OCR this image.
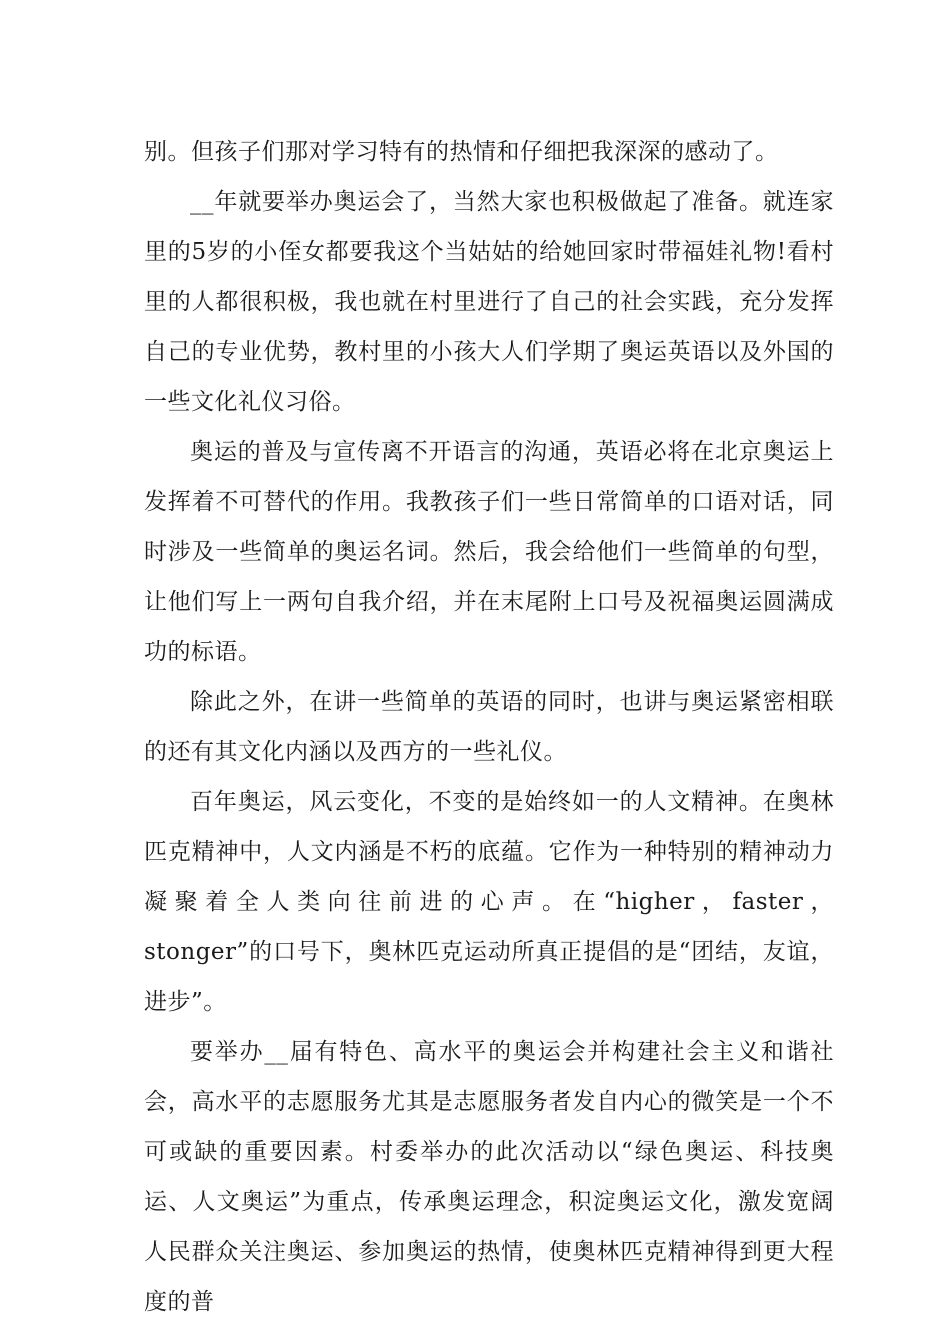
别。但孩子们那对学习特有的热情和仔细把我深深的感动了。

__年就要举办奥运会了，当然大家也积极做起了准备。就连家里的5岁的小侄女都要我这个当姑姑的给她回家时带福娃礼物!看村里的人都很积极，我也就在村里进行了自己的社会实践，充分发挥自己的专业优势，教村里的小孩大人们学期了奥运英语以及外国的一些文化礼仪习俗。

奥运的普及与宣传离不开语言的沟通，英语必将在北京奥运上发挥着不可替代的作用。我教孩子们一些日常简单的口语对话，同时涉及一些简单的奥运名词。然后，我会给他们一些简单的句型，让他们写上一两句自我介绍，并在末尾附上口号及祝福奥运圆满成功的标语。

除此之外，在讲一些简单的英语的同时，也讲与奥运紧密相联的还有其文化内涵以及西方的一些礼仪。

百年奥运，风云变化，不变的是始终如一的人文精神。在奥林匹克精神中，人文内涵是不朽的底蕴。它作为一种特别的精神动力凝聚着全人类向往前进的心声。在“higher，faster，stonger”的口号下，奥林匹克运动所真正提倡的是“团结，友谊，进步”。

要举办__届有特色、高水平的奥运会并构建社会主义和谐社会，高水平的志愿服务尤其是志愿服务者发自内心的微笑是一个不可或缺的重要因素。村委举办的此次活动以“绿色奥运、科技奥运、人文奥运”为重点，传承奥运理念，积淀奥运文化，激发宽阔人民群众关注奥运、参加奥运的热情，使奥林匹克精神得到更大程度的普
